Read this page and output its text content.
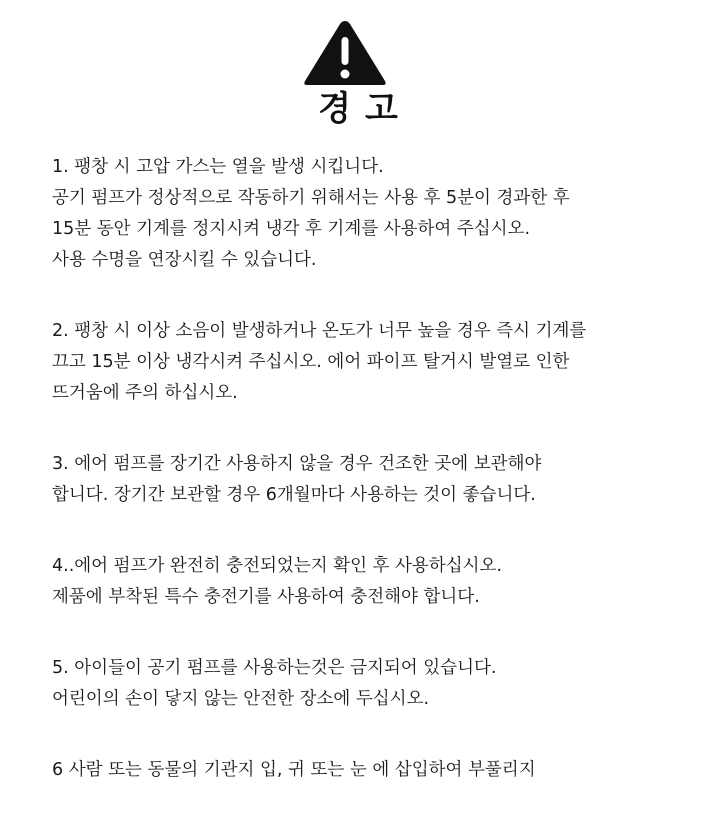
경고
1. 팽창 시 고압 가스는 열을 발생 시킵니다.
공기 펌프가 정상적으로 작동하기 위해서는 사용 후 5분이 경과한 후
15분 동안 기계를 정지시켜 냉각 후 기계를 사용하여 주십시오.
사용 수명을 연장시킬 수 있습니다.
2. 팽창 시 이상 소음이 발생하거나 온도가 너무 높을 경우 즉시 기계를
끄고 15분 이상 냉각시켜 주십시오. 에어 파이프 탈거시 발열로 인한
뜨거움에 주의 하십시오.
3. 에어 펌프를 장기간 사용하지 않을 경우 건조한 곳에 보관해야
합니다. 장기간 보관할 경우 6개월마다 사용하는 것이 좋습니다.
4..에어 펌프가 완전히 충전되었는지 확인 후 사용하십시오.
제품에 부착된 특수 충전기를 사용하여 충전해야 합니다.
5. 아이들이 공기 펌프를 사용하는것은 금지되어 있습니다.
어린이의 손이 닿지 않는 안전한 장소에 두십시오.
6 사람 또는 동물의 기관지 입, 귀 또는 눈 에 삽입하여 부풀리지
